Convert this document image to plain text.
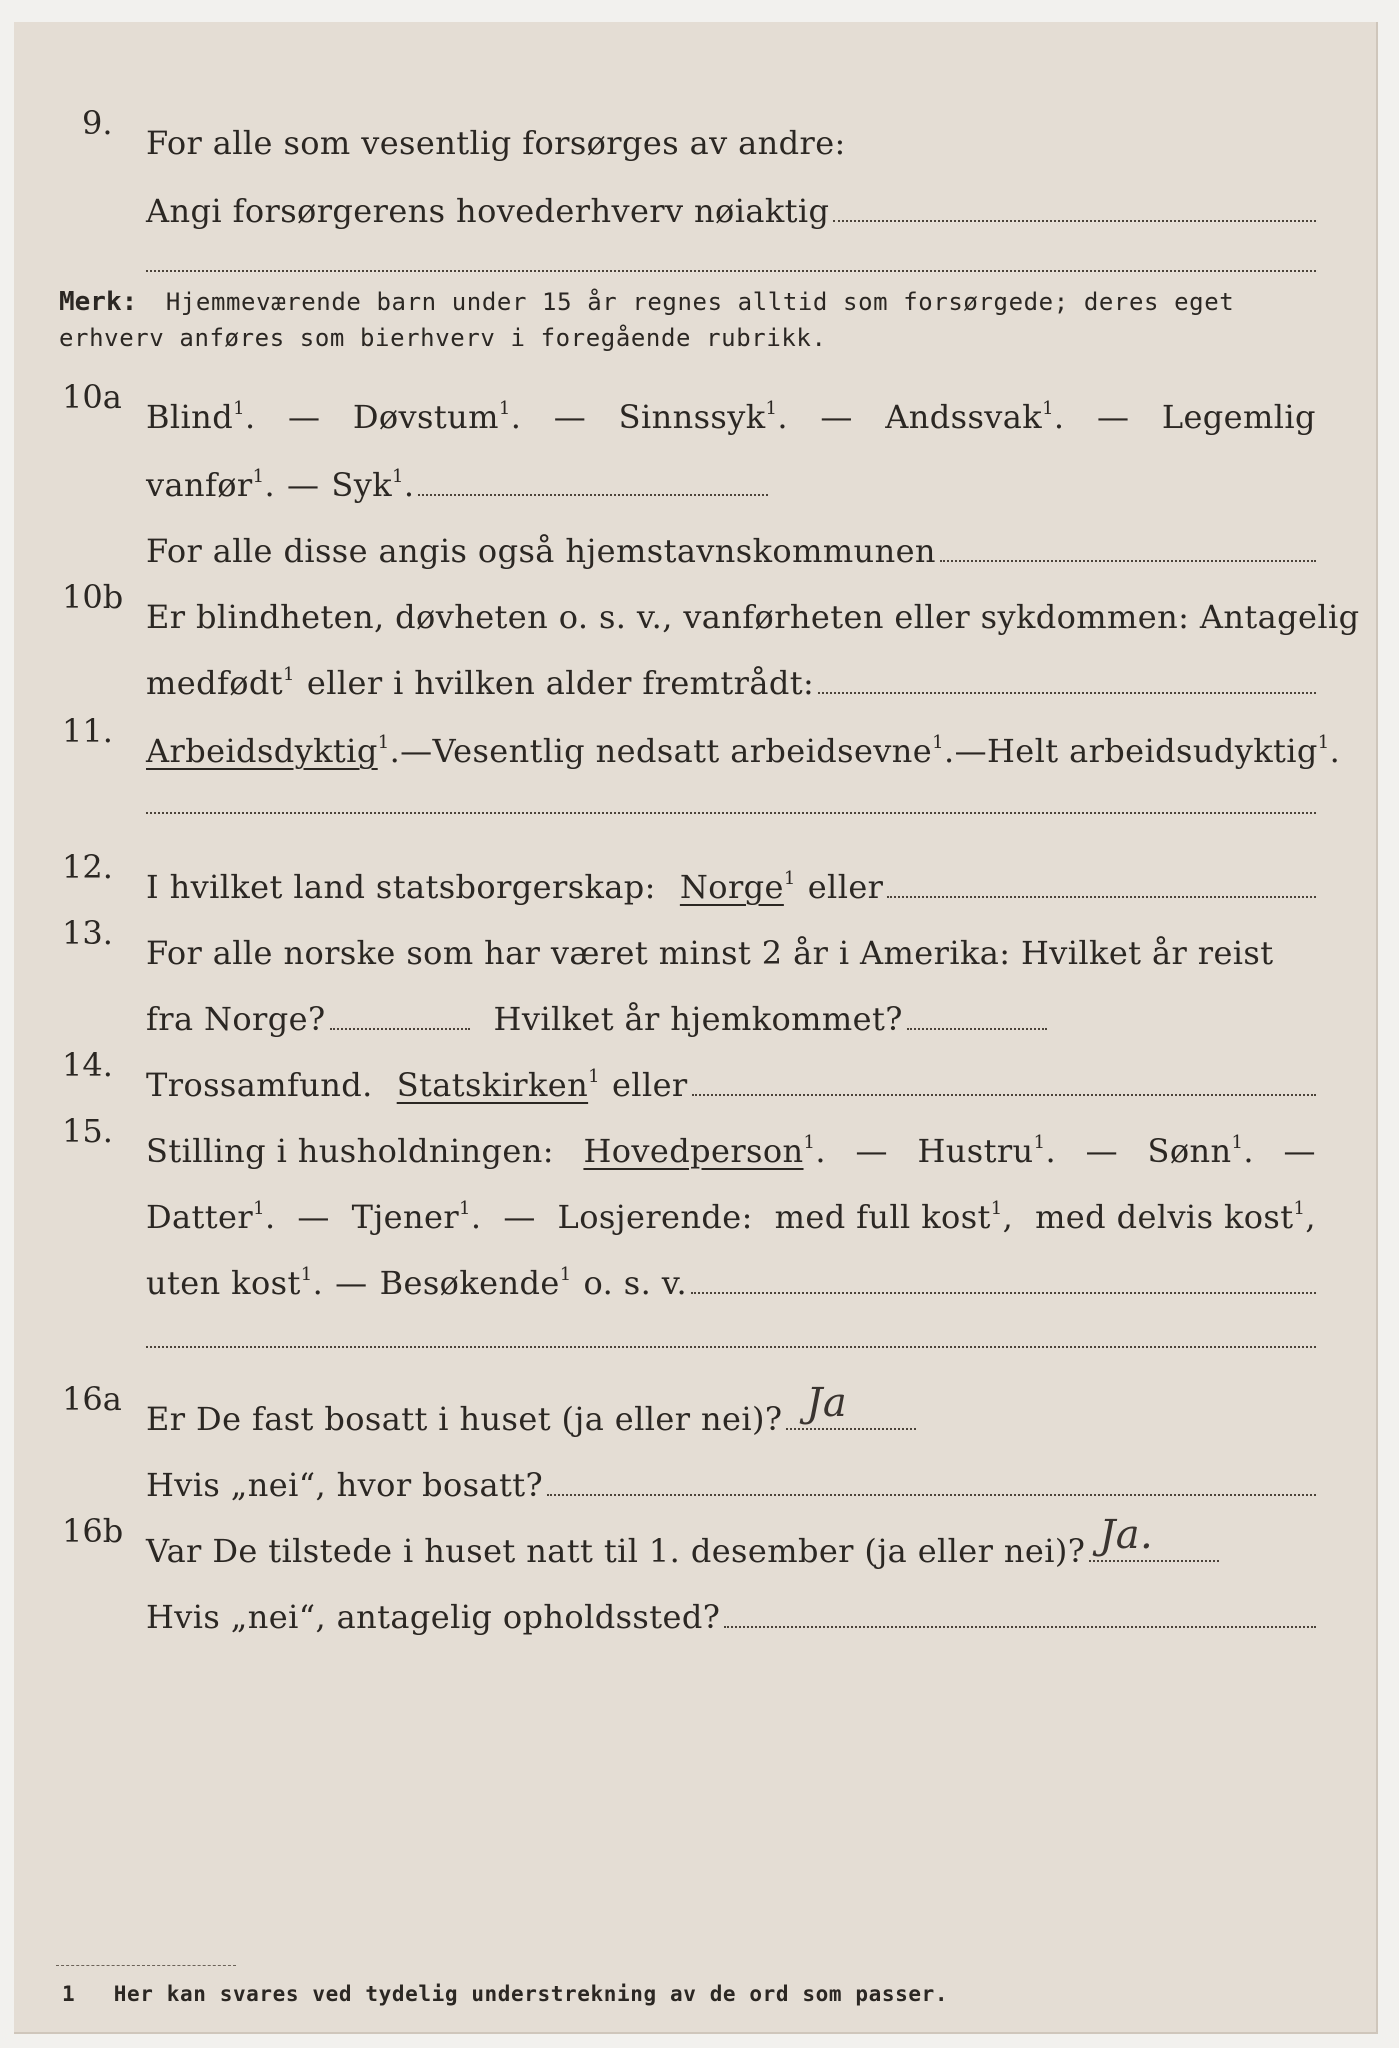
9.
For alle som vesentlig forsørges av andre:
Angi forsørgerens hovederhverv nøiaktig
Merk: Hjemmeværende barn under 15 år regnes alltid som forsørgede; deres eget erhverv anføres som bierhverv i foregående rubrikk.
10a
Blind$^1$. — Døvstum$^1$. — Sinnssyk$^1$. — Andssvak$^1$. — Legemlig
vanfør$^1$. — Syk$^1$.
For alle disse angis også hjemstavnskommunen
10b
Er blindheten, døvheten o. s. v., vanførheten eller sykdommen: Antagelig
medfødt$^1$ eller i hvilken alder fremtrådt:
11.
Arbeidsdyktig$^1$. — Vesentlig nedsatt arbeidsevne$^1$. — Helt arbeidsudyktig$^1$.
12.
I hvilket land statsborgerskap: Norge$^1$ eller
13.
For alle norske som har været minst 2 år i Amerika: Hvilket år reist
fra Norge?	Hvilket år hjemkommet?
14.
Trossamfund. Statskirken$^1$ eller
15.
Stilling i husholdningen: Hovedperson$^1$. — Hustru$^1$. — Sønn$^1$. —
Datter$^1$. — Tjener$^1$. — Losjerende: med full kost$^1$, med delvis kost$^1$,
uten kost$^1$. — Besøkende$^1$ o. s. v.
16a
Er De fast bosatt i huset (ja eller nei)? Ja
Hvis „nei“, hvor bosatt?
16b
Var De tilstede i huset natt til 1. desember (ja eller nei)? Ja.
Hvis „nei“, antagelig opholdssted?
1 Her kan svares ved tydelig understrekning av de ord som passer.
